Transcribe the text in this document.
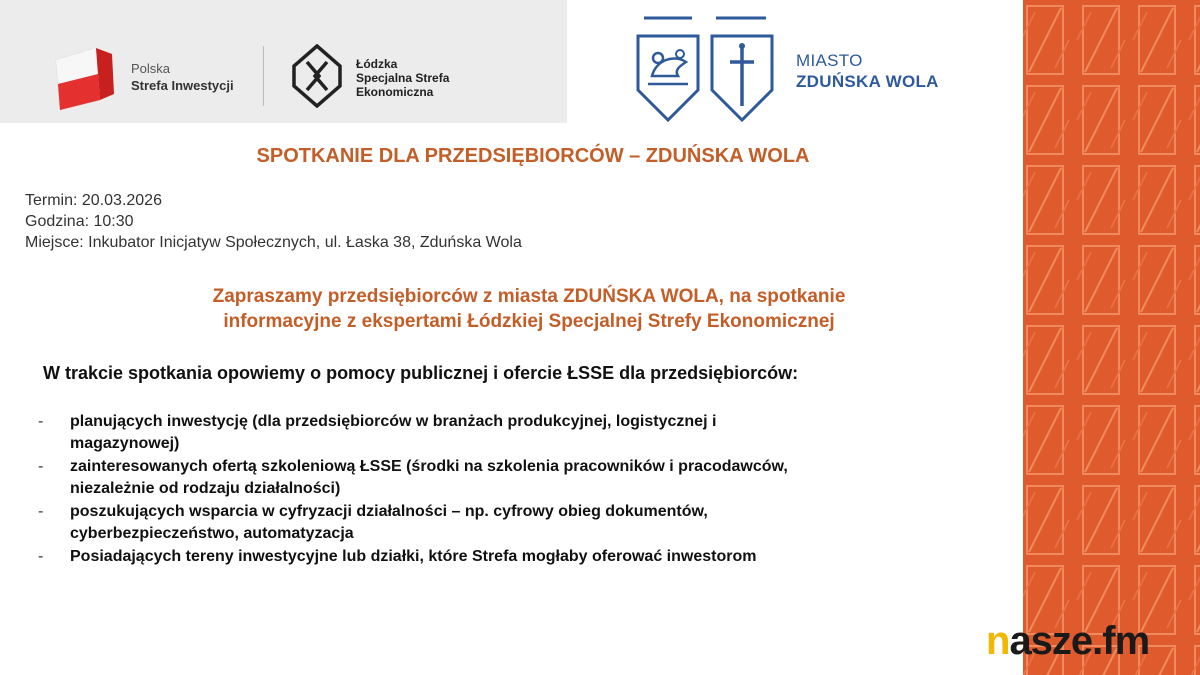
Polska
Strefa Inwestycji
Łódzka
Specjalna Strefa
Ekonomiczna
MIASTO
ZDUŃSKA WOLA
SPOTKANIE DLA PRZEDSIĘBIORCÓW – ZDUŃSKA WOLA
Termin: 20.03.2026
Godzina: 10:30
Miejsce: Inkubator Inicjatyw Społecznych, ul. Łaska 38, Zduńska Wola
Zapraszamy przedsiębiorców z miasta ZDUŃSKA WOLA, na spotkanie
informacyjne z ekspertami Łódzkiej Specjalnej Strefy Ekonomicznej
W trakcie spotkania opowiemy o pomocy publicznej i ofercie ŁSSE dla przedsiębiorców:
- planujących inwestycję (dla przedsiębiorców w branżach produkcyjnej, logistycznej i
magazynowej)
- zainteresowanych ofertą szkoleniową ŁSSE (środki na szkolenia pracowników i pracodawców,
niezależnie od rodzaju działalności)
- poszukujących wsparcia w cyfryzacji działalności – np. cyfrowy obieg dokumentów,
cyberbezpieczeństwo, automatyzacja
- Posiadających tereny inwestycyjne lub działki, które Strefa mogłaby oferować inwestorom
nasze.fm
